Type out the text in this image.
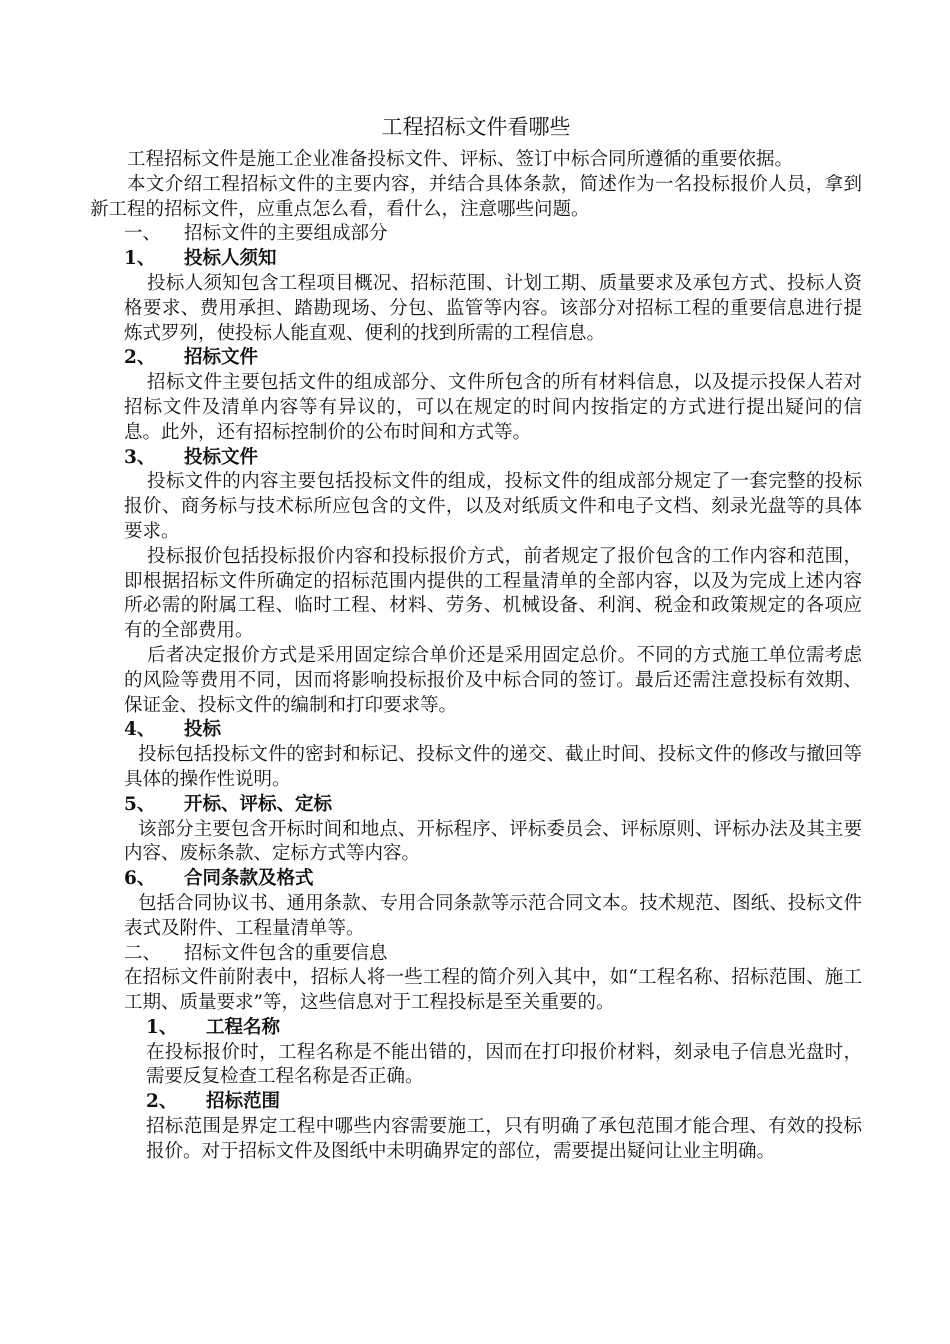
工程招标文件看哪些

工程招标文件是施工企业准备投标文件、评标、签订中标合同所遵循的重要依据。

本文介绍工程招标文件的主要内容，并结合具体条款，简述作为一名投标报价人员，拿到新工程的招标文件，应重点怎么看，看什么，注意哪些问题。

一、	招标文件的主要组成部分
1、	投标人须知

投标人须知包含工程项目概况、招标范围、计划工期、质量要求及承包方式、投标人资格要求、费用承担、踏勘现场、分包、监管等内容。该部分对招标工程的重要信息进行提炼式罗列，使投标人能直观、便利的找到所需的工程信息。

2、	招标文件

招标文件主要包括文件的组成部分、文件所包含的所有材料信息，以及提示投保人若对招标文件及清单内容等有异议的，可以在规定的时间内按指定的方式进行提出疑问的信息。此外，还有招标控制价的公布时间和方式等。

3、	投标文件

投标文件的内容主要包括投标文件的组成，投标文件的组成部分规定了一套完整的投标报价、商务标与技术标所应包含的文件，以及对纸质文件和电子文档、刻录光盘等的具体要求。

投标报价包括投标报价内容和投标报价方式，前者规定了报价包含的工作内容和范围，即根据招标文件所确定的招标范围内提供的工程量清单的全部内容，以及为完成上述内容所必需的附属工程、临时工程、材料、劳务、机械设备、利润、税金和政策规定的各项应有的全部费用。

后者决定报价方式是采用固定综合单价还是采用固定总价。不同的方式施工单位需考虑的风险等费用不同，因而将影响投标报价及中标合同的签订。最后还需注意投标有效期、保证金、投标文件的编制和打印要求等。

4、	投标

投标包括投标文件的密封和标记、投标文件的递交、截止时间、投标文件的修改与撤回等具体的操作性说明。

5、	开标、评标、定标

该部分主要包含开标时间和地点、开标程序、评标委员会、评标原则、评标办法及其主要内容、废标条款、定标方式等内容。

6、	合同条款及格式

包括合同协议书、通用条款、专用合同条款等示范合同文本。技术规范、图纸、投标文件表式及附件、工程量清单等。

二、	招标文件包含的重要信息

在招标文件前附表中，招标人将一些工程的简介列入其中，如“工程名称、招标范围、施工工期、质量要求”等，这些信息对于工程投标是至关重要的。

1、	工程名称

在投标报价时，工程名称是不能出错的，因而在打印报价材料，刻录电子信息光盘时，需要反复检查工程名称是否正确。

2、	招标范围

招标范围是界定工程中哪些内容需要施工，只有明确了承包范围才能合理、有效的投标报价。对于招标文件及图纸中未明确界定的部位，需要提出疑问让业主明确。
